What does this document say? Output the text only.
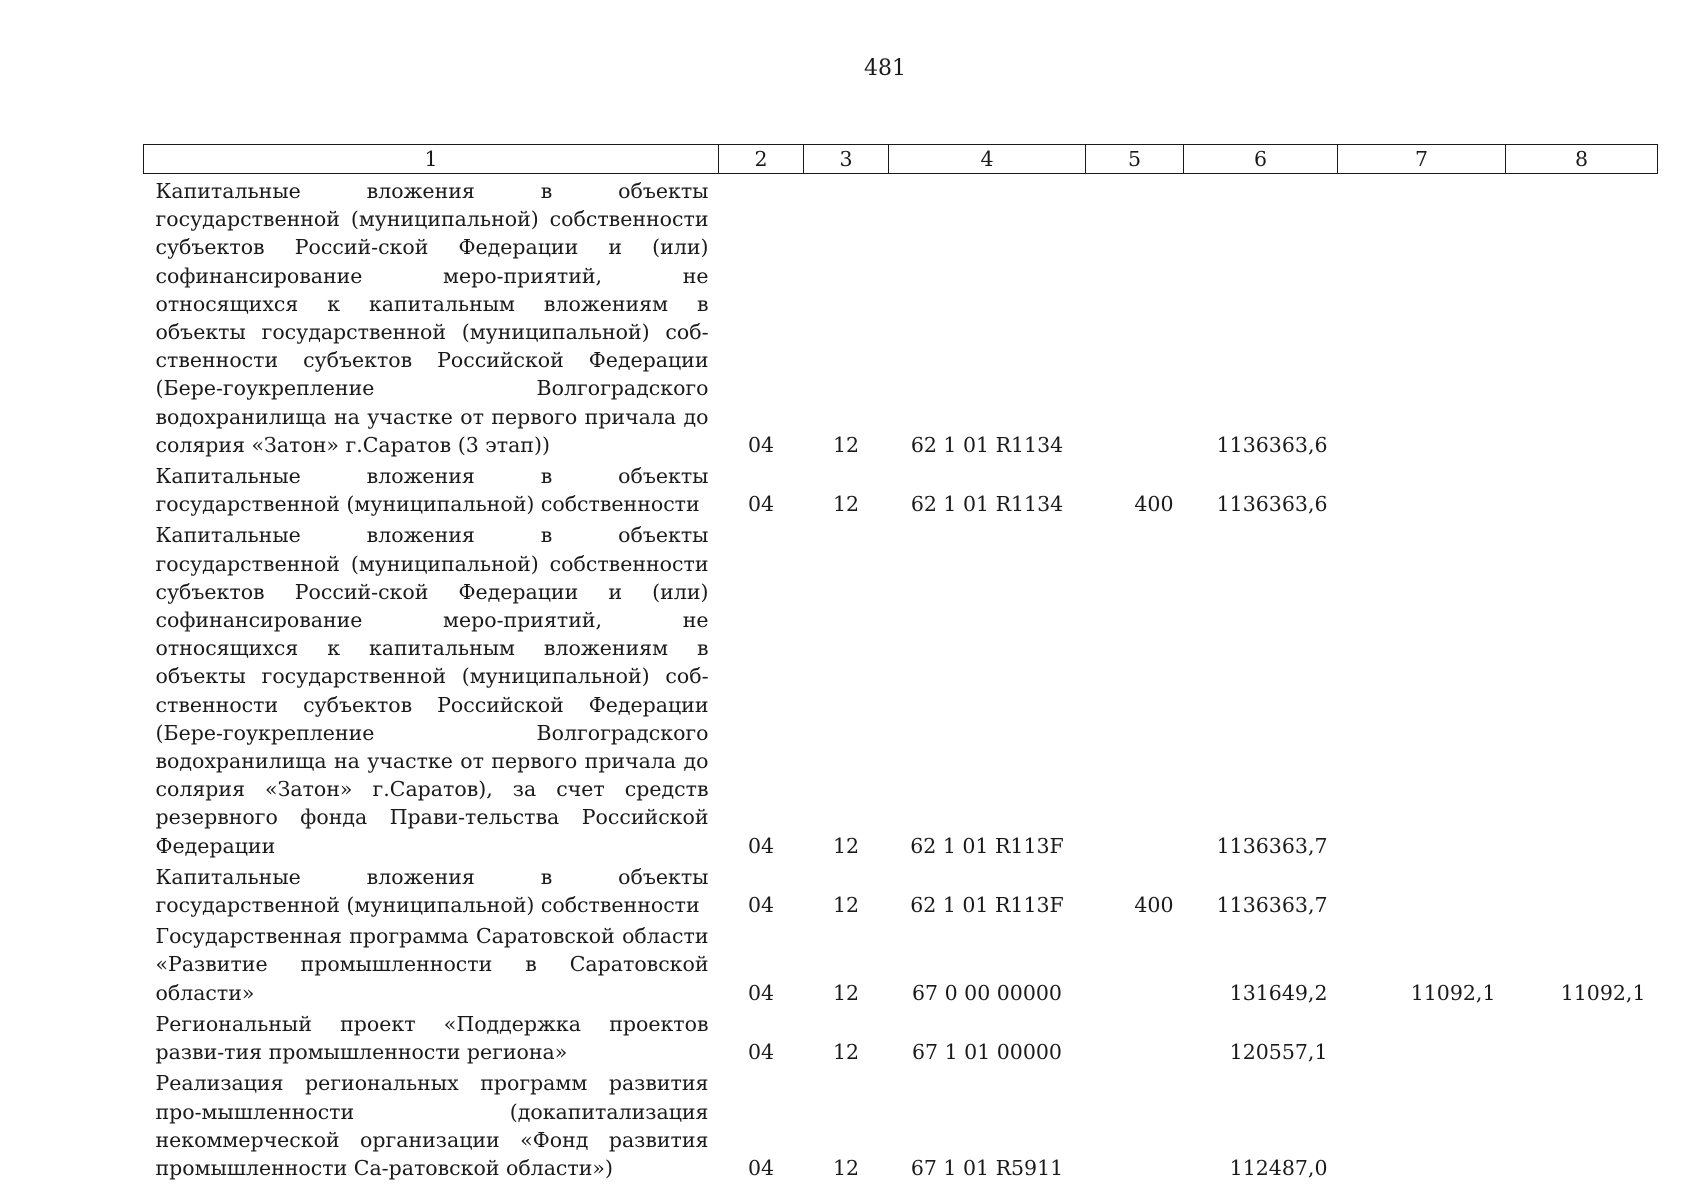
481
1	2	3	4	5	6	7	8
Капитальные вложения в объекты государственной (муниципальной) собственности субъектов Россий-ской Федерации и (или) софинансирование меро-приятий, не относящихся к капитальным вложениям в объекты государственной (муниципальной) соб-ственности субъектов Российской Федерации (Бере-гоукрепление Волгоградского водохранилища на участке от первого причала до солярия «Затон» г.Саратов (3 этап))	04	12	62 1 01 R1134		1136363,6		
Капитальные вложения в объекты государственной (муниципальной) собственности	04	12	62 1 01 R1134	400	1136363,6		
Капитальные вложения в объекты государственной (муниципальной) собственности субъектов Россий-ской Федерации и (или) софинансирование меро-приятий, не относящихся к капитальным вложениям в объекты государственной (муниципальной) соб-ственности субъектов Российской Федерации (Бере-гоукрепление Волгоградского водохранилища на участке от первого причала до солярия «Затон» г.Саратов), за счет средств резервного фонда Прави-тельства Российской Федерации	04	12	62 1 01 R113F		1136363,7		
Капитальные вложения в объекты государственной (муниципальной) собственности	04	12	62 1 01 R113F	400	1136363,7		
Государственная программа Саратовской области «Развитие промышленности в Саратовской области»	04	12	67 0 00 00000		131649,2	11092,1	11092,1
Региональный проект «Поддержка проектов разви-тия промышленности региона»	04	12	67 1 01 00000		120557,1		
Реализация региональных программ развития про-мышленности (докапитализация некоммерческой организации «Фонд развития промышленности Са-ратовской области»)	04	12	67 1 01 R5911		112487,0		
